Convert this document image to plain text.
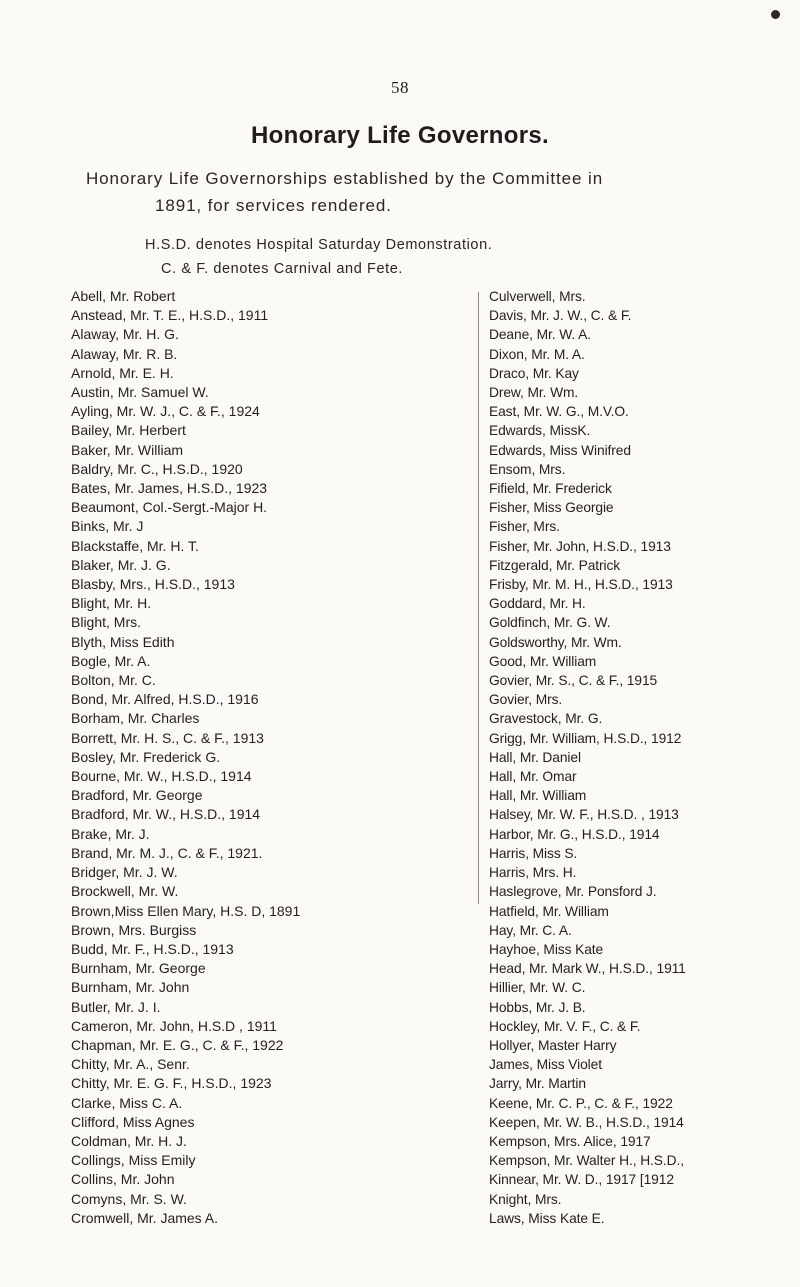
58
Honorary Life Governors.
Honorary Life Governorships established by the Committee in
1891, for services rendered.
H.S.D. denotes Hospital Saturday Demonstration.
C. & F. denotes Carnival and Fete.
Abell, Mr. Robert
Anstead, Mr. T. E., H.S.D., 1911
Alaway, Mr. H. G.
Alaway, Mr. R. B.
Arnold, Mr. E. H.
Austin, Mr. Samuel W.
Ayling, Mr. W. J., C. & F., 1924
Bailey, Mr. Herbert
Baker, Mr. William
Baldry, Mr. C., H.S.D., 1920
Bates, Mr. James, H.S.D., 1923
Beaumont, Col.-Sergt.-Major H.
Binks, Mr. J
Blackstaffe, Mr. H. T.
Blaker, Mr. J. G.
Blasby, Mrs., H.S.D., 1913
Blight, Mr. H.
Blight, Mrs.
Blyth, Miss Edith
Bogle, Mr. A.
Bolton, Mr. C.
Bond, Mr. Alfred, H.S.D., 1916
Borham, Mr. Charles
Borrett, Mr. H. S., C. & F., 1913
Bosley, Mr. Frederick G.
Bourne, Mr. W., H.S.D., 1914
Bradford, Mr. George
Bradford, Mr. W., H.S.D., 1914
Brake, Mr. J.
Brand, Mr. M. J., C. & F., 1921.
Bridger, Mr. J. W.
Brockwell, Mr. W.
Brown,Miss Ellen Mary, H.S. D, 1891
Brown, Mrs. Burgiss
Budd, Mr. F., H.S.D., 1913
Burnham, Mr. George
Burnham, Mr. John
Butler, Mr. J. I.
Cameron, Mr. John, H.S.D , 1911
Chapman, Mr. E. G., C. & F., 1922
Chitty, Mr. A., Senr.
Chitty, Mr. E. G. F., H.S.D., 1923
Clarke, Miss C. A.
Clifford, Miss Agnes
Coldman, Mr. H. J.
Collings, Miss Emily
Collins, Mr. John
Comyns, Mr. S. W.
Cromwell, Mr. James A.
Culverwell, Mrs.
Davis, Mr. J. W., C. & F.
Deane, Mr. W. A.
Dixon, Mr. M. A.
Draco, Mr. Kay
Drew, Mr. Wm.
East, Mr. W. G., M.V.O.
Edwards, MissK.
Edwards, Miss Winifred
Ensom, Mrs.
Fifield, Mr. Frederick
Fisher, Miss Georgie
Fisher, Mrs.
Fisher, Mr. John, H.S.D., 1913
Fitzgerald, Mr. Patrick
Frisby, Mr. M. H., H.S.D., 1913
Goddard, Mr. H.
Goldfinch, Mr. G. W.
Goldsworthy, Mr. Wm.
Good, Mr. William
Govier, Mr. S., C. & F., 1915
Govier, Mrs.
Gravestock, Mr. G.
Grigg, Mr. William, H.S.D., 1912
Hall, Mr. Daniel
Hall, Mr. Omar
Hall, Mr. William
Halsey, Mr. W. F., H.S.D. , 1913
Harbor, Mr. G., H.S.D., 1914
Harris, Miss S.
Harris, Mrs. H.
Haslegrove, Mr. Ponsford J.
Hatfield, Mr. William
Hay, Mr. C. A.
Hayhoe, Miss Kate
Head, Mr. Mark W., H.S.D., 1911
Hillier, Mr. W. C.
Hobbs, Mr. J. B.
Hockley, Mr. V. F., C. & F.
Hollyer, Master Harry
James, Miss Violet
Jarry, Mr. Martin
Keene, Mr. C. P., C. & F., 1922
Keepen, Mr. W. B., H.S.D., 1914
Kempson, Mrs. Alice, 1917
Kempson, Mr. Walter H., H.S.D.,
Kinnear, Mr. W. D., 1917 [1912
Knight, Mrs.
Laws, Miss Kate E.
